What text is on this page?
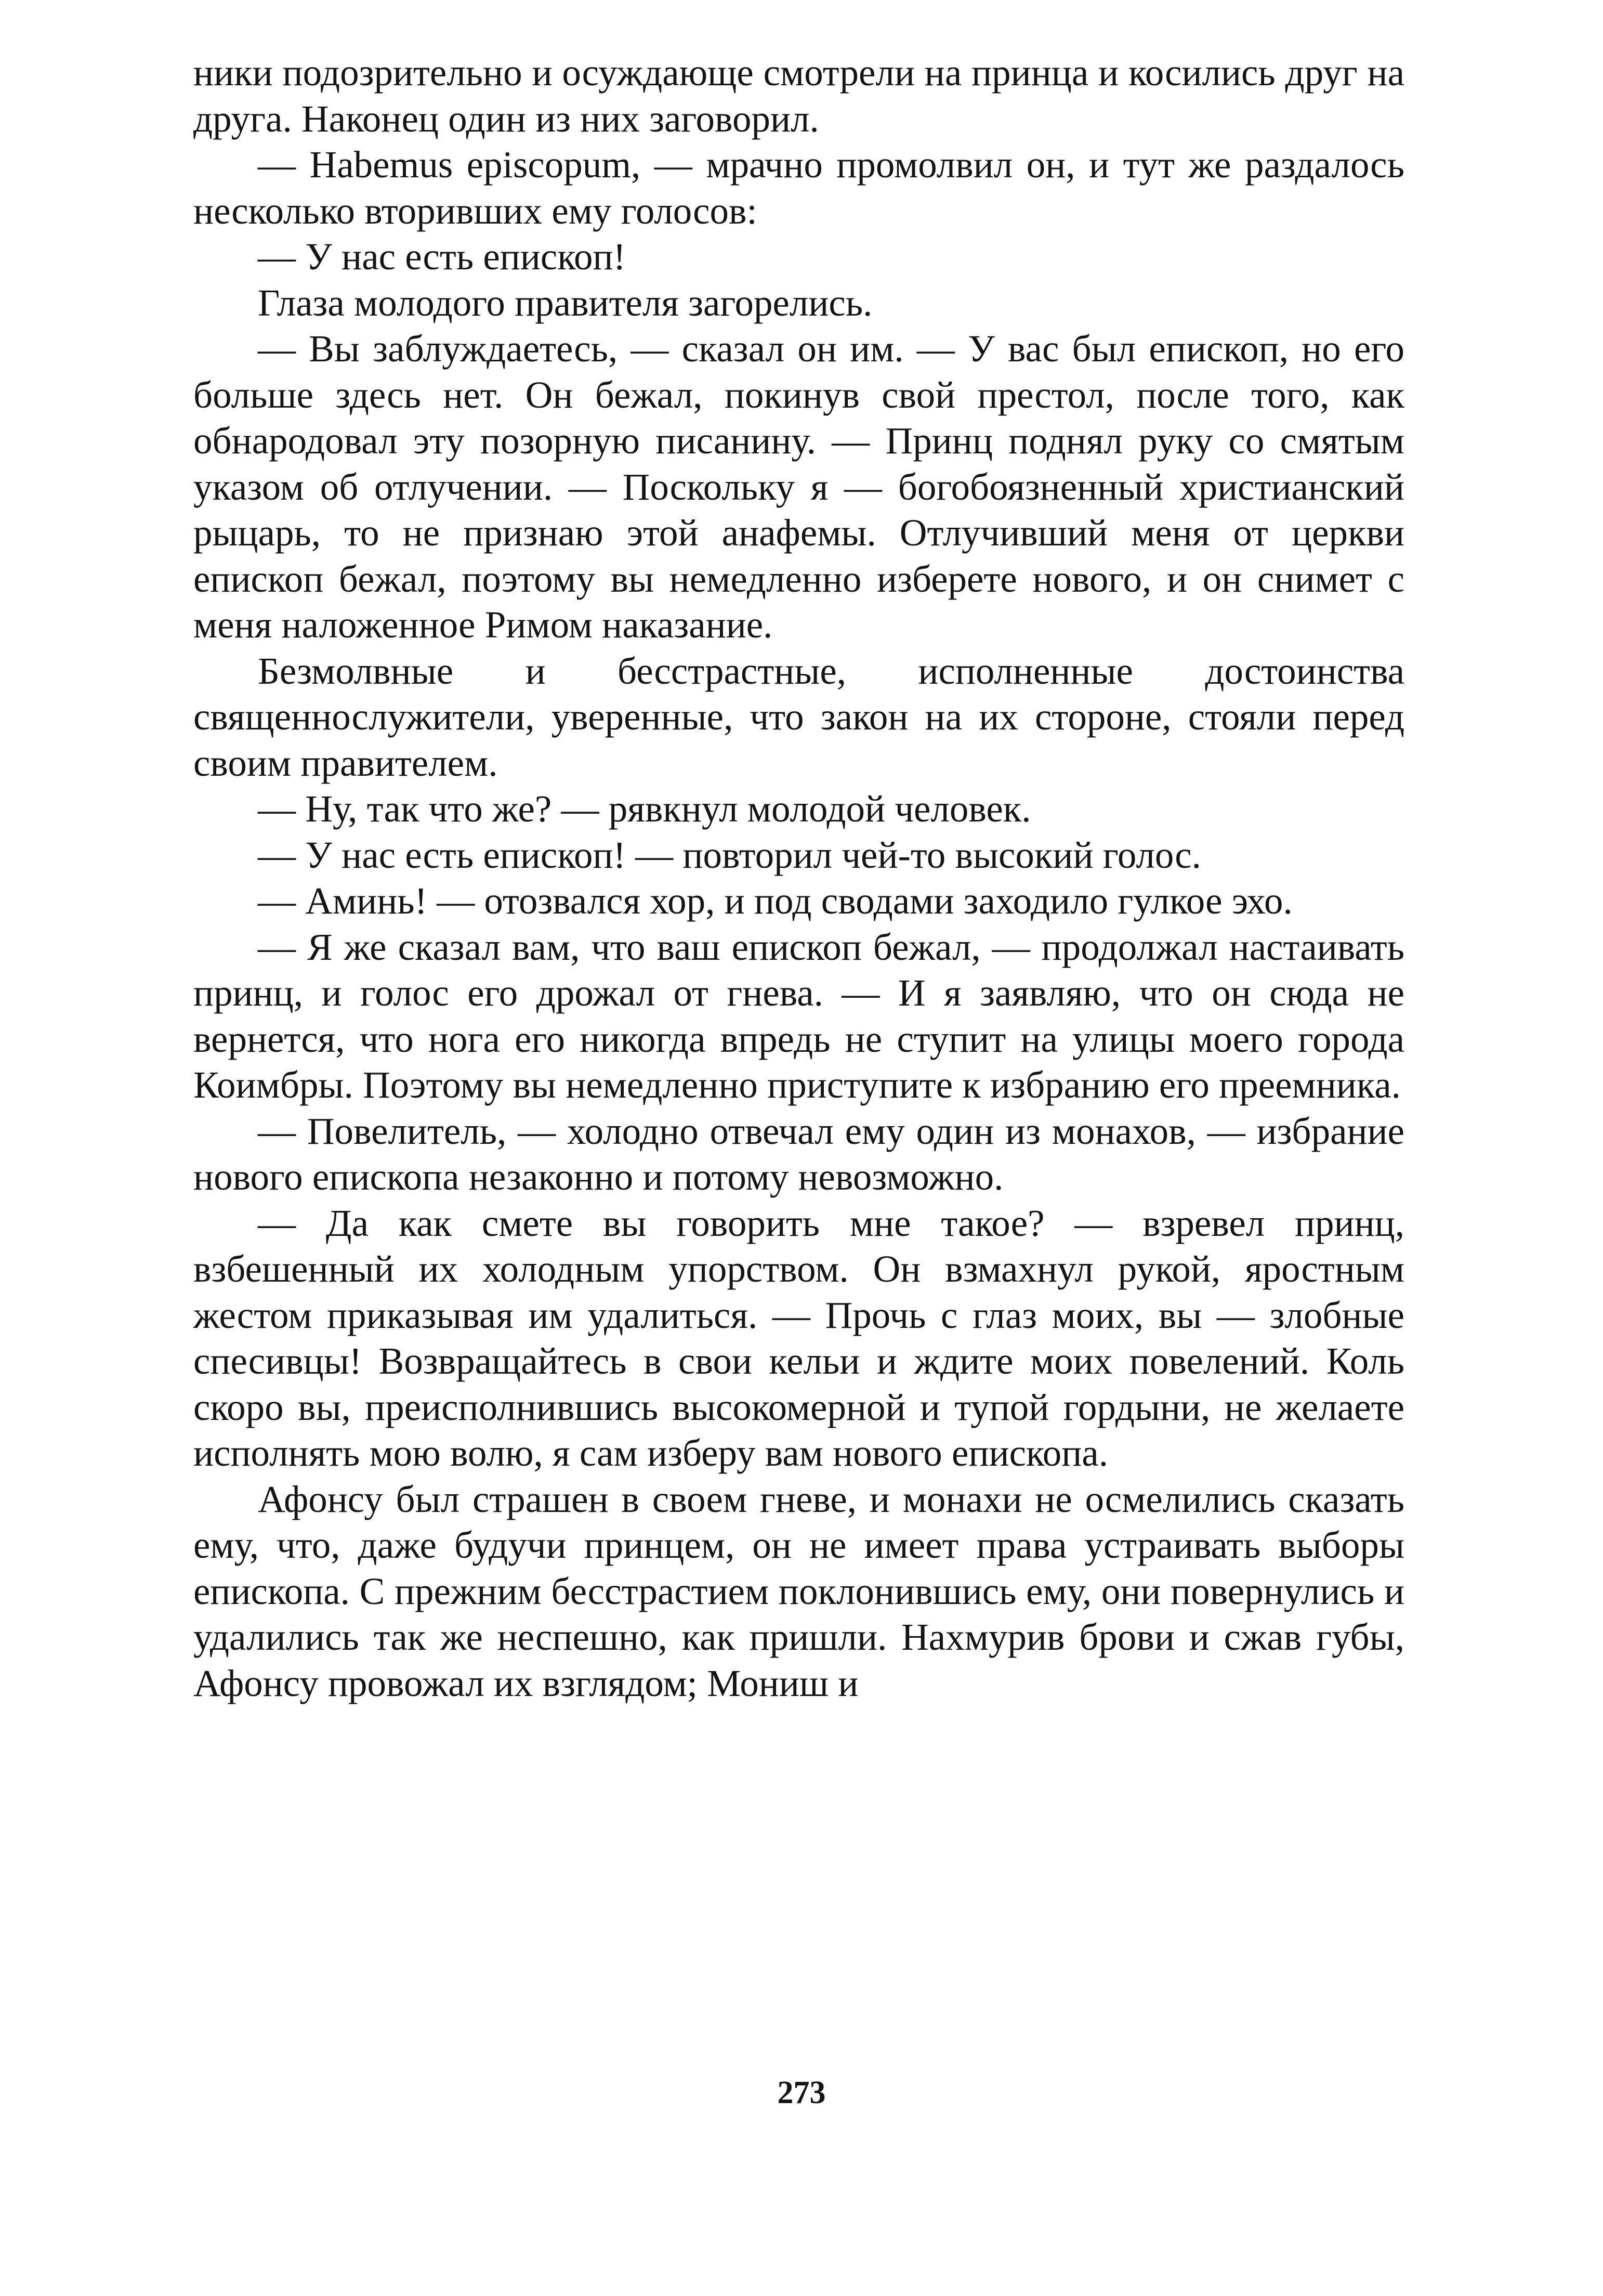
ники подозрительно и осуждающе смотрели на принца и косились друг на друга. Наконец один из них заговорил.

— Habemus episcopum, — мрачно промолвил он, и тут же раздалось несколько вторивших ему голосов:

— У нас есть епископ!

Глаза молодого правителя загорелись.

— Вы заблуждаетесь, — сказал он им. — У вас был епископ, но его больше здесь нет. Он бежал, покинув свой престол, после того, как обнародовал эту позорную писанину. — Принц поднял руку со смятым указом об отлучении. — Поскольку я — богобоязненный христианский рыцарь, то не признаю этой анафемы. Отлучивший меня от церкви епископ бежал, поэтому вы немедленно изберете нового, и он снимет с меня наложенное Римом наказание.

Безмолвные и бесстрастные, исполненные достоинства священнослужители, уверенные, что закон на их стороне, стояли перед своим правителем.

— Ну, так что же? — рявкнул молодой человек.

— У нас есть епископ! — повторил чей-то высокий голос.

— Аминь! — отозвался хор, и под сводами заходило гулкое эхо.

— Я же сказал вам, что ваш епископ бежал, — продолжал настаивать принц, и голос его дрожал от гнева. — И я заявляю, что он сюда не вернется, что нога его никогда впредь не ступит на улицы моего города Коимбры. Поэтому вы немедленно приступите к избранию его преемника.

— Повелитель, — холодно отвечал ему один из монахов, — избрание нового епископа незаконно и потому невозможно.

— Да как смете вы говорить мне такое? — взревел принц, взбешенный их холодным упорством. Он взмахнул рукой, яростным жестом приказывая им удалиться. — Прочь с глаз моих, вы — злобные спесивцы! Возвращайтесь в свои кельи и ждите моих повелений. Коль скоро вы, преисполнившись высокомерной и тупой гордыни, не желаете исполнять мою волю, я сам изберу вам нового епископа.

Афонсу был страшен в своем гневе, и монахи не осмелились сказать ему, что, даже будучи принцем, он не имеет права устраивать выборы епископа. С прежним бесстрастием поклонившись ему, они повернулись и удалились так же неспешно, как пришли. Нахмурив брови и сжав губы, Афонсу провожал их взглядом; Мониш и

273
